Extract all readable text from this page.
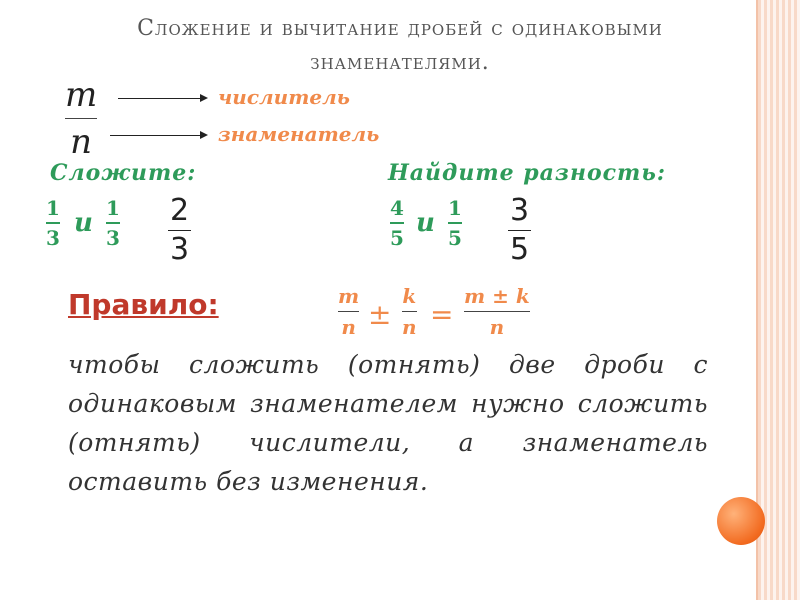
Сложение и вычитание дробей с одинаковыми
знаменателями.
m
n
числитель
знаменатель
Сложите:
1
3 и 1
3
2
3
Найдите разность:
4
5 и 1
5
3
5
Правило:	m
n ±
k
n =
m ± k
n
чтобы сложить (отнять) две дроби с одинаковым знаменателем нужно сложить (отнять) числители, а знаменатель оставить без изменения.
